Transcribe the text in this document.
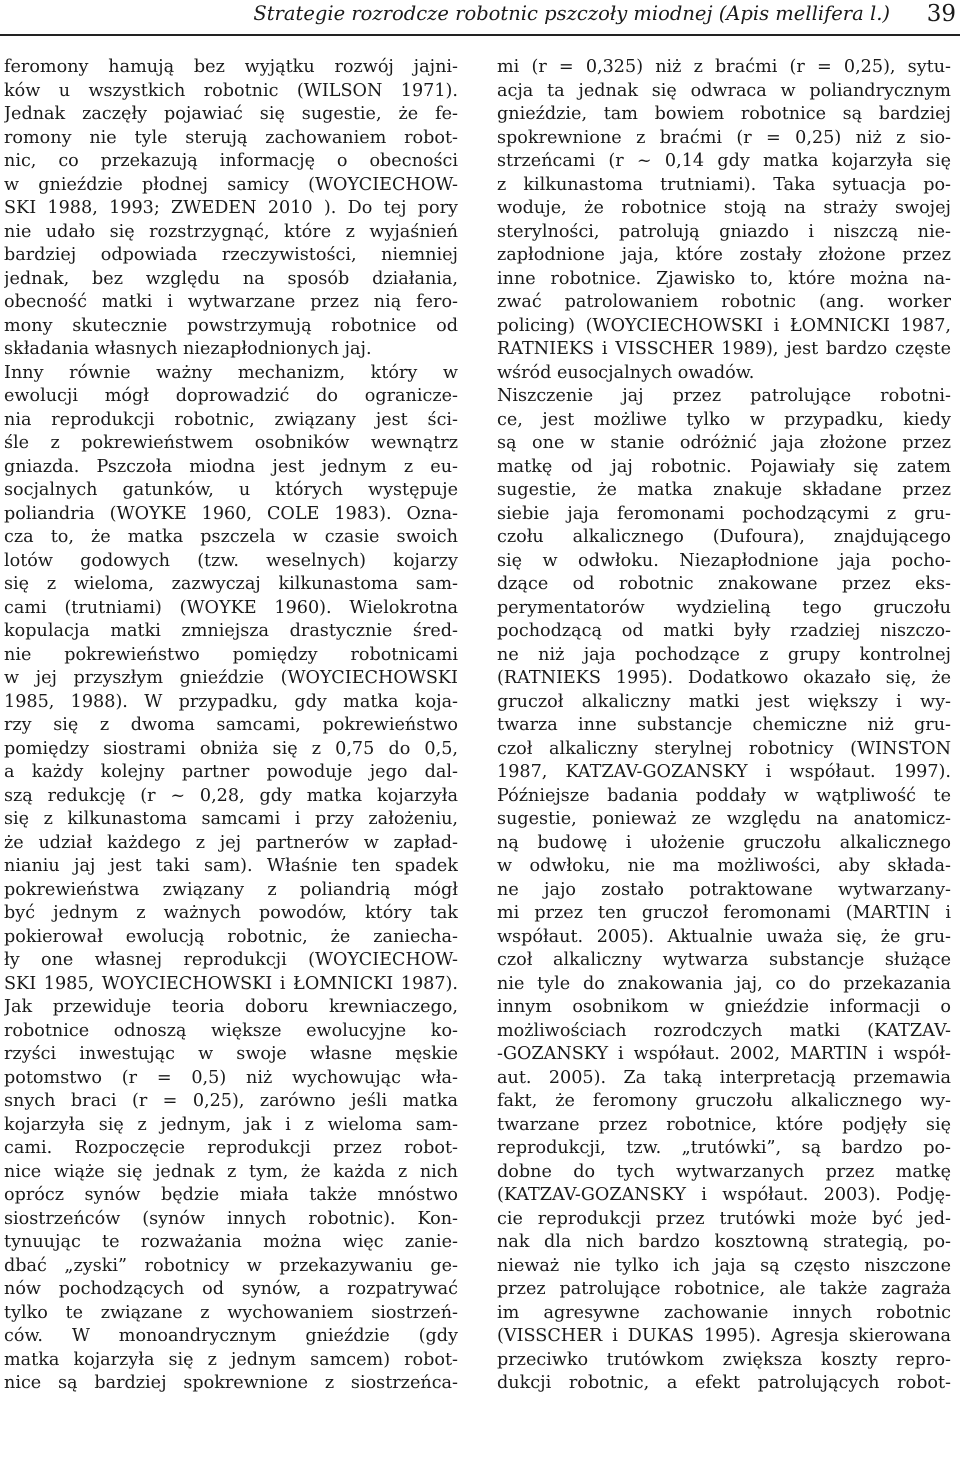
Strategie rozrodcze robotnic pszczoły miodnej (Apis mellifera l.) 39
feromony hamują bez wyjątku rozwój jajni-
ków u wszystkich robotnic (WILSON 1971).
Jednak zaczęły pojawiać się sugestie, że fe-
romony nie tyle sterują zachowaniem robot-
nic, co przekazują informację o obecności
w gnieździe płodnej samicy (WOYCIECHOW-
SKI 1988, 1993; ZWEDEN 2010 ). Do tej pory
nie udało się rozstrzygnąć, które z wyjaśnień
bardziej odpowiada rzeczywistości, niemniej
jednak, bez względu na sposób działania,
obecność matki i wytwarzane przez nią fero-
mony skutecznie powstrzymują robotnice od
składania własnych niezapłodnionych jaj.
Inny równie ważny mechanizm, który w
ewolucji mógł doprowadzić do ogranicze-
nia reprodukcji robotnic, związany jest ści-
śle z pokrewieństwem osobników wewnątrz
gniazda. Pszczoła miodna jest jednym z eu-
socjalnych gatunków, u których występuje
poliandria (WOYKE 1960, COLE 1983). Ozna-
cza to, że matka pszczela w czasie swoich
lotów godowych (tzw. weselnych) kojarzy
się z wieloma, zazwyczaj kilkunastoma sam-
cami (trutniami) (WOYKE 1960). Wielokrotna
kopulacja matki zmniejsza drastycznie śred-
nie pokrewieństwo pomiędzy robotnicami
w jej przyszłym gnieździe (WOYCIECHOWSKI
1985, 1988). W przypadku, gdy matka koja-
rzy się z dwoma samcami, pokrewieństwo
pomiędzy siostrami obniża się z 0,75 do 0,5,
a każdy kolejny partner powoduje jego dal-
szą redukcję (r ~ 0,28, gdy matka kojarzyła
się z kilkunastoma samcami i przy założeniu,
że udział każdego z jej partnerów w zapład-
nianiu jaj jest taki sam). Właśnie ten spadek
pokrewieństwa związany z poliandrią mógł
być jednym z ważnych powodów, który tak
pokierował ewolucją robotnic, że zaniecha-
ły one własnej reprodukcji (WOYCIECHOW-
SKI 1985, WOYCIECHOWSKI i ŁOMNICKI 1987).
Jak przewiduje teoria doboru krewniaczego,
robotnice odnoszą większe ewolucyjne ko-
rzyści inwestując w swoje własne męskie
potomstwo (r = 0,5) niż wychowując wła-
snych braci (r = 0,25), zarówno jeśli matka
kojarzyła się z jednym, jak i z wieloma sam-
cami. Rozpoczęcie reprodukcji przez robot-
nice wiąże się jednak z tym, że każda z nich
oprócz synów będzie miała także mnóstwo
siostrzeńców (synów innych robotnic). Kon-
tynuując te rozważania można więc zanie-
dbać „zyski” robotnicy w przekazywaniu ge-
nów pochodzących od synów, a rozpatrywać
tylko te związane z wychowaniem siostrzeń-
ców. W monoandrycznym gnieździe (gdy
matka kojarzyła się z jednym samcem) robot-
nice są bardziej spokrewnione z siostrzeńca-
mi (r = 0,325) niż z braćmi (r = 0,25), sytu-
acja ta jednak się odwraca w poliandrycznym
gnieździe, tam bowiem robotnice są bardziej
spokrewnione z braćmi (r = 0,25) niż z sio-
strzeńcami (r ~ 0,14 gdy matka kojarzyła się
z kilkunastoma trutniami). Taka sytuacja po-
woduje, że robotnice stoją na straży swojej
sterylności, patrolują gniazdo i niszczą nie-
zapłodnione jaja, które zostały złożone przez
inne robotnice. Zjawisko to, które można na-
zwać patrolowaniem robotnic (ang. worker
policing) (WOYCIECHOWSKI i ŁOMNICKI 1987,
RATNIEKS i VISSCHER 1989), jest bardzo częste
wśród eusocjalnych owadów.
Niszczenie jaj przez patrolujące robotni-
ce, jest możliwe tylko w przypadku, kiedy
są one w stanie odróżnić jaja złożone przez
matkę od jaj robotnic. Pojawiały się zatem
sugestie, że matka znakuje składane przez
siebie jaja feromonami pochodzącymi z gru-
czołu alkalicznego (Dufoura), znajdującego
się w odwłoku. Niezapłodnione jaja pocho-
dzące od robotnic znakowane przez eks-
perymentatorów wydzieliną tego gruczołu
pochodzącą od matki były rzadziej niszczo-
ne niż jaja pochodzące z grupy kontrolnej
(RATNIEKS 1995). Dodatkowo okazało się, że
gruczoł alkaliczny matki jest większy i wy-
twarza inne substancje chemiczne niż gru-
czoł alkaliczny sterylnej robotnicy (WINSTON
1987, KATZAV-GOZANSKY i współaut. 1997).
Późniejsze badania poddały w wątpliwość te
sugestie, ponieważ ze względu na anatomicz-
ną budowę i ułożenie gruczołu alkalicznego
w odwłoku, nie ma możliwości, aby składa-
ne jajo zostało potraktowane wytwarzany-
mi przez ten gruczoł feromonami (MARTIN i
współaut. 2005). Aktualnie uważa się, że gru-
czoł alkaliczny wytwarza substancje służące
nie tyle do znakowania jaj, co do przekazania
innym osobnikom w gnieździe informacji o
możliwościach rozrodczych matki (KATZAV-
-GOZANSKY i współaut. 2002, MARTIN i współ-
aut. 2005). Za taką interpretacją przemawia
fakt, że feromony gruczołu alkalicznego wy-
twarzane przez robotnice, które podjęły się
reprodukcji, tzw. „trutówki”, są bardzo po-
dobne do tych wytwarzanych przez matkę
(KATZAV-GOZANSKY i współaut. 2003). Podję-
cie reprodukcji przez trutówki może być jed-
nak dla nich bardzo kosztowną strategią, po-
nieważ nie tylko ich jaja są często niszczone
przez patrolujące robotnice, ale także zagraża
im agresywne zachowanie innych robotnic
(VISSCHER i DUKAS 1995). Agresja skierowana
przeciwko trutówkom zwiększa koszty repro-
dukcji robotnic, a efekt patrolujących robot-
